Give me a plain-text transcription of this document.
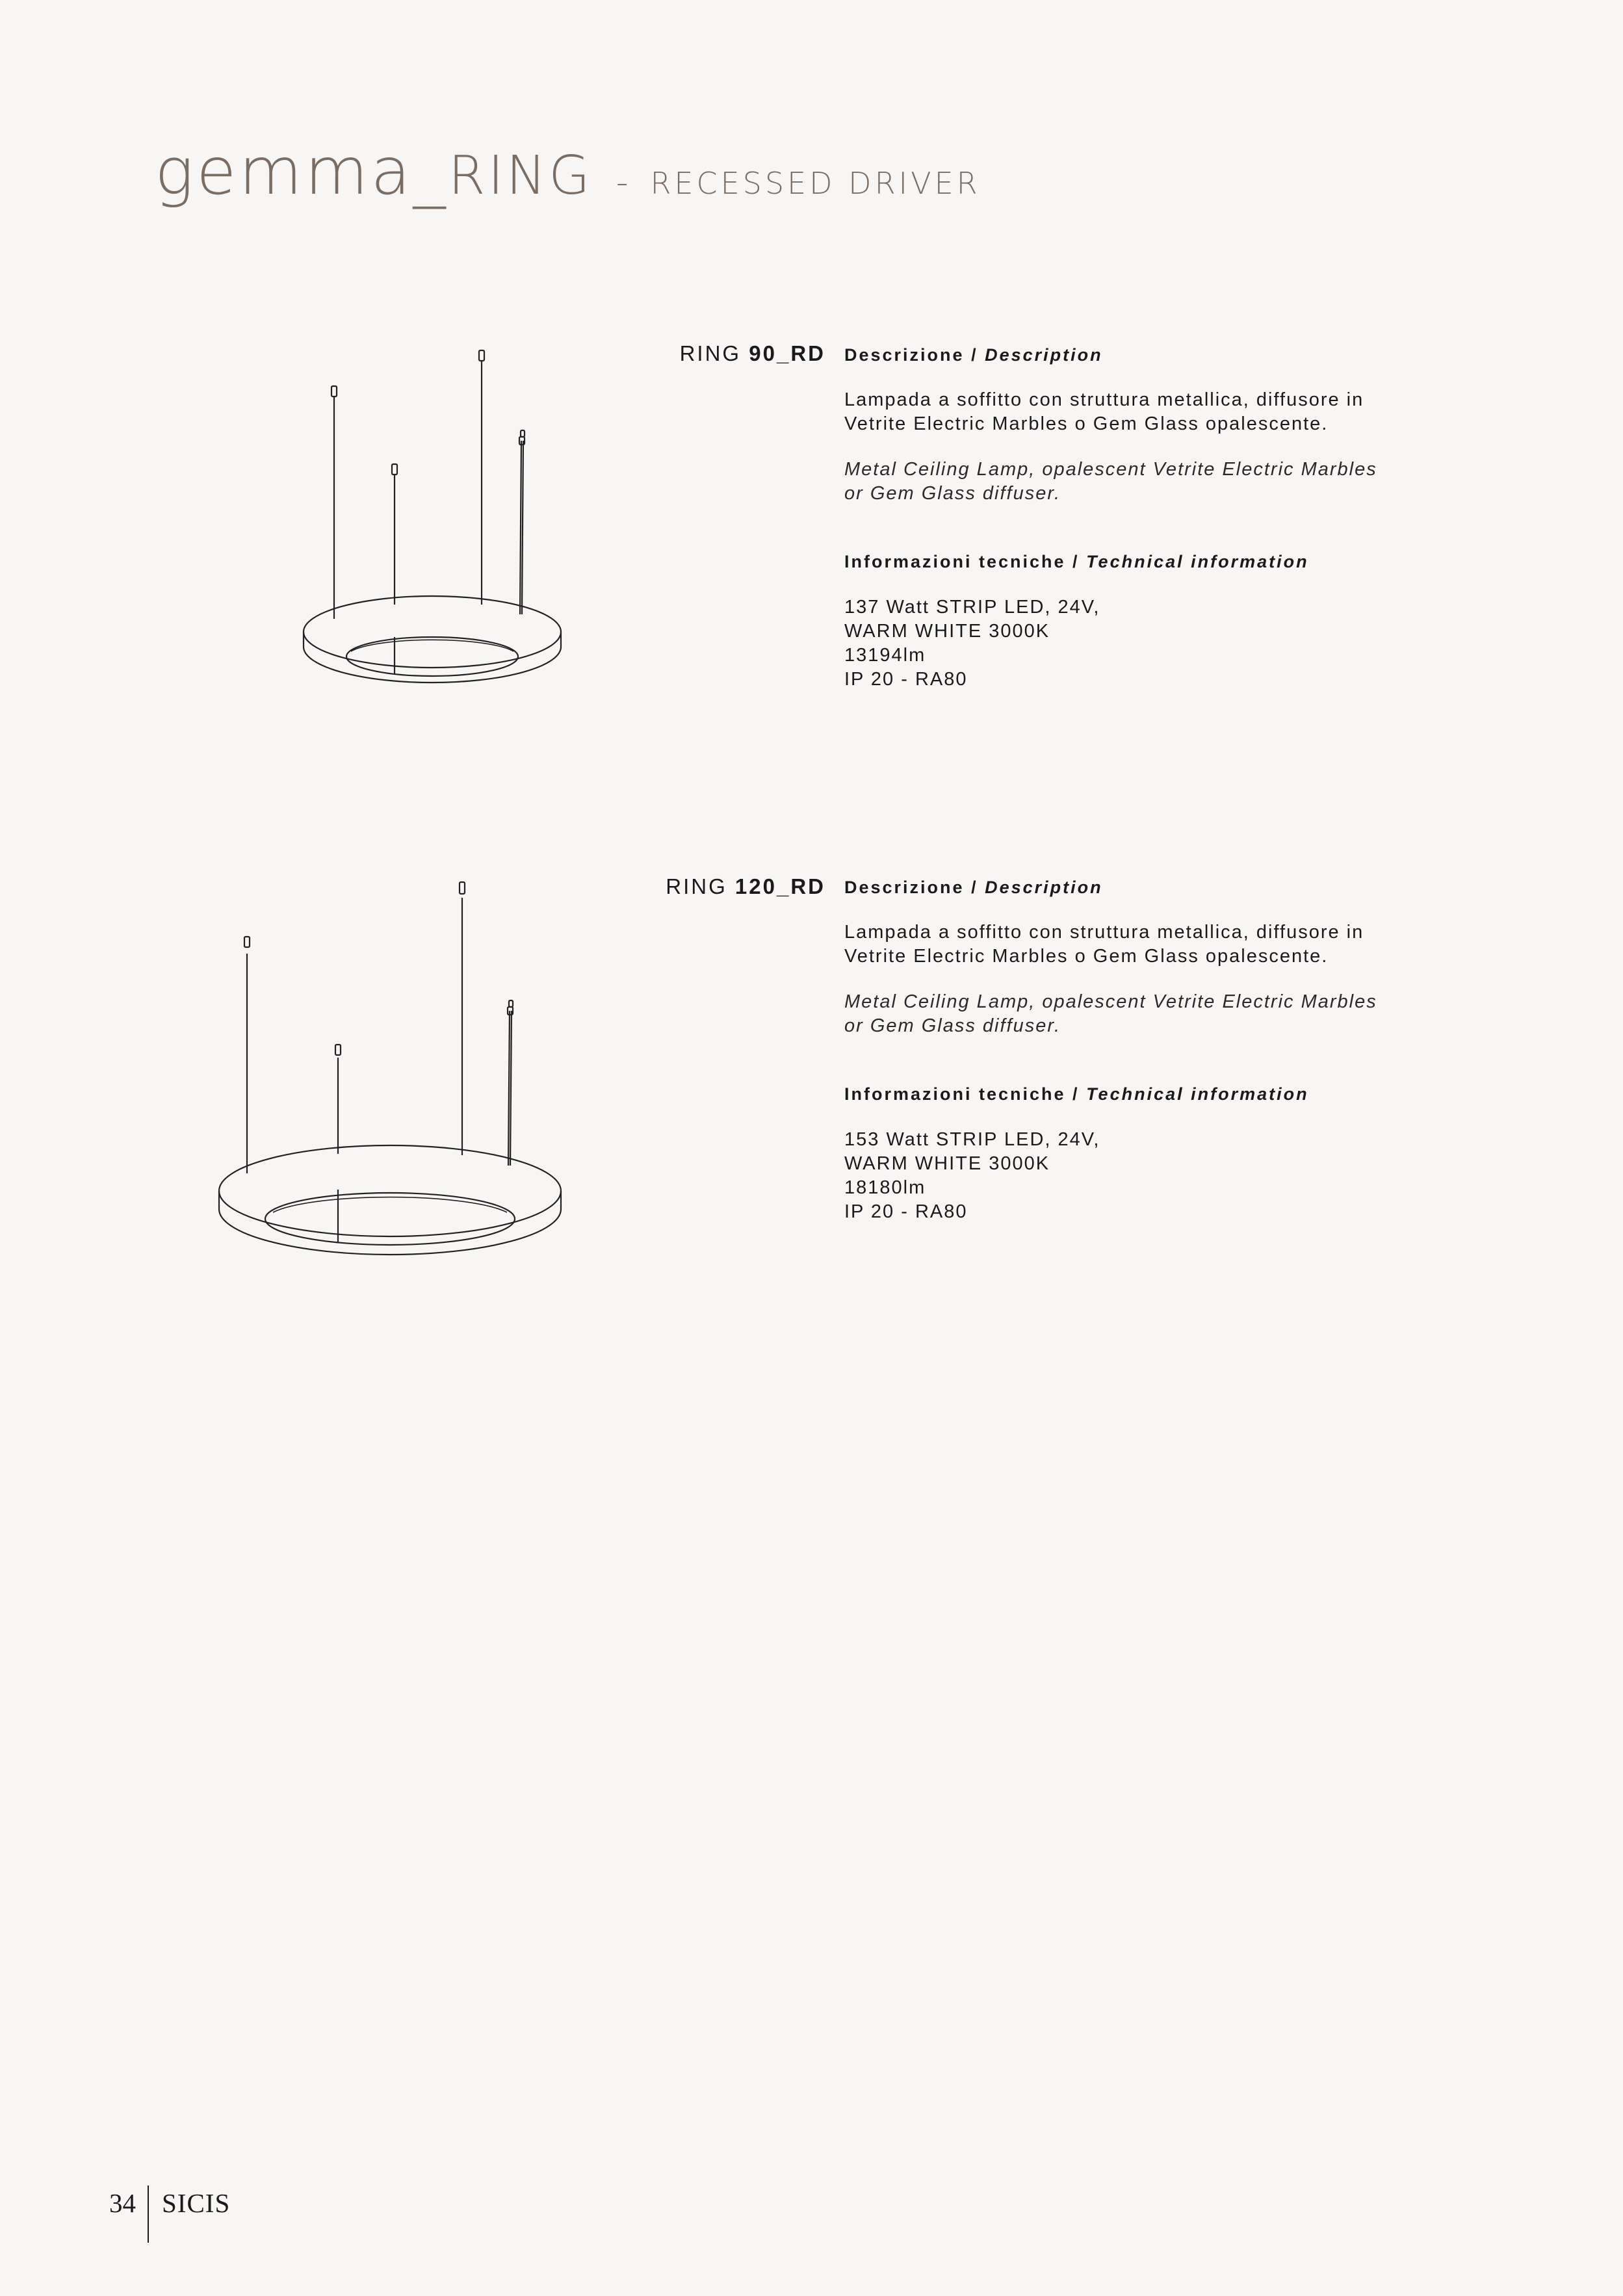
gemma_RING - RECESSED DRIVER
RING 90_RD Descrizione / Description

Lampada a soffitto con struttura metallica, diffusore in
Vetrite Electric Marbles o Gem Glass opalescente.

Metal Ceiling Lamp, opalescent Vetrite Electric Marbles
or Gem Glass diffuser.

Informazioni tecniche / Technical information

137 Watt STRIP LED, 24V,
WARM WHITE 3000K
13194lm
IP 20 - RA80

RING 120_RD Descrizione / Description

Lampada a soffitto con struttura metallica, diffusore in
Vetrite Electric Marbles o Gem Glass opalescente.

Metal Ceiling Lamp, opalescent Vetrite Electric Marbles
or Gem Glass diffuser.

Informazioni tecniche / Technical information

153 Watt STRIP LED, 24V,
WARM WHITE 3000K
18180lm
IP 20 - RA80

34 SICIS
